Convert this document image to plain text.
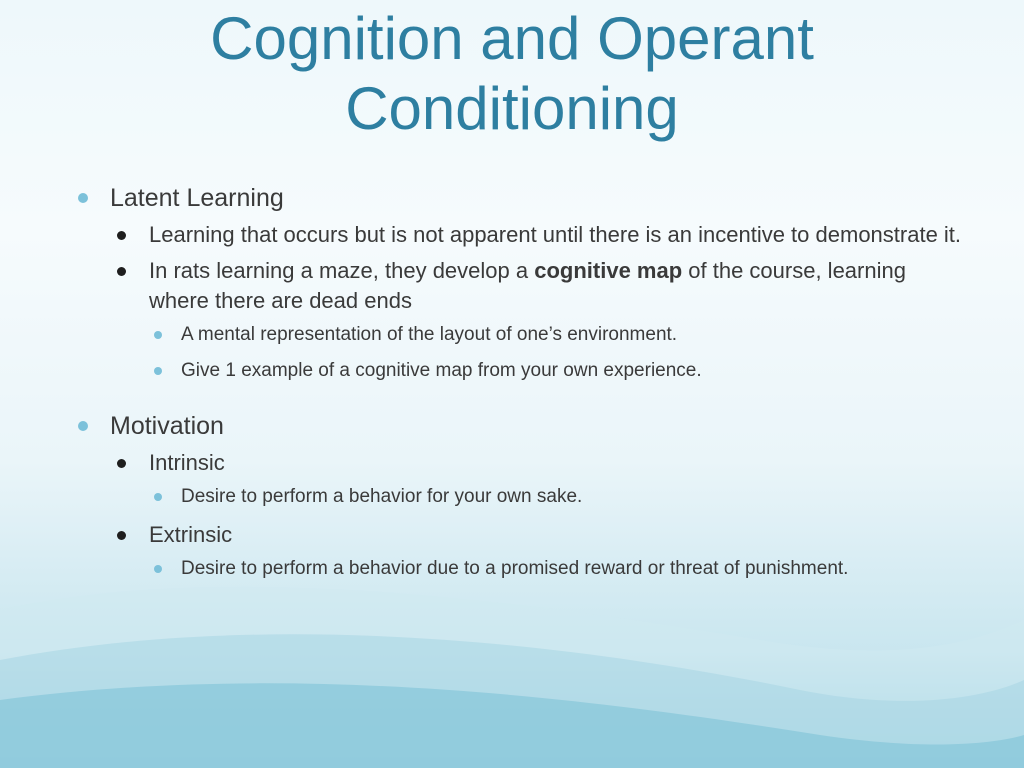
Cognition and Operant
Conditioning
Latent Learning
Learning that occurs but is not apparent until there is an incentive to demonstrate it.
In rats learning a maze, they develop a cognitive map of the course, learning where there are dead ends
A mental representation of the layout of one’s environment.
Give 1 example of a cognitive map from your own experience.
Motivation
Intrinsic
Desire to perform a behavior for your own sake.
Extrinsic
Desire to perform a behavior due to a promised reward or threat of punishment.
